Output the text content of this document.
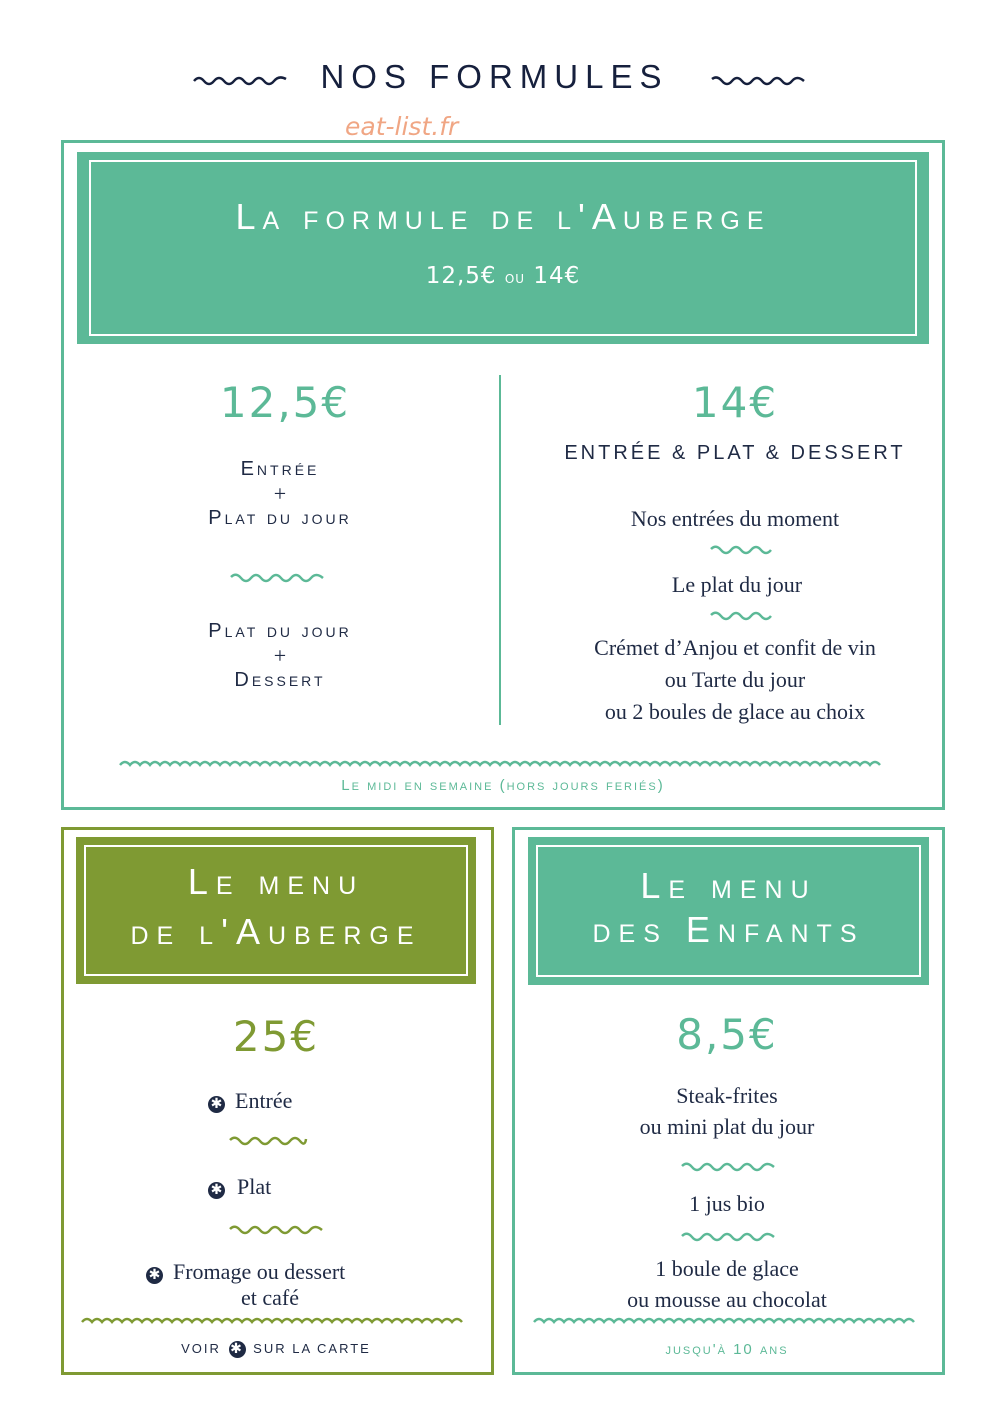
NOS FORMULES
eat-list.fr
La formule de l'Auberge
12,5€ ou 14€
12,5€
Entrée
+
Plat du jour
Plat du jour
+
Dessert
14€
ENTRÉE & PLAT & DESSERT
Nos entrées du moment
Le plat du jour
Crémet d’Anjou et confit de vin
ou Tarte du jour
ou 2 boules de glace au choix
Le midi en semaine (hors jours feriés)
Le menu
de l'Auberge
25€
✱ Entrée
✱ Plat
✱ Fromage ou dessert
et café
VOIR ✱ SUR LA CARTE
Le menu
des Enfants
8,5€
Steak-frites
ou mini plat du jour
1 jus bio
1 boule de glace
ou mousse au chocolat
jusqu'à 10 ans
